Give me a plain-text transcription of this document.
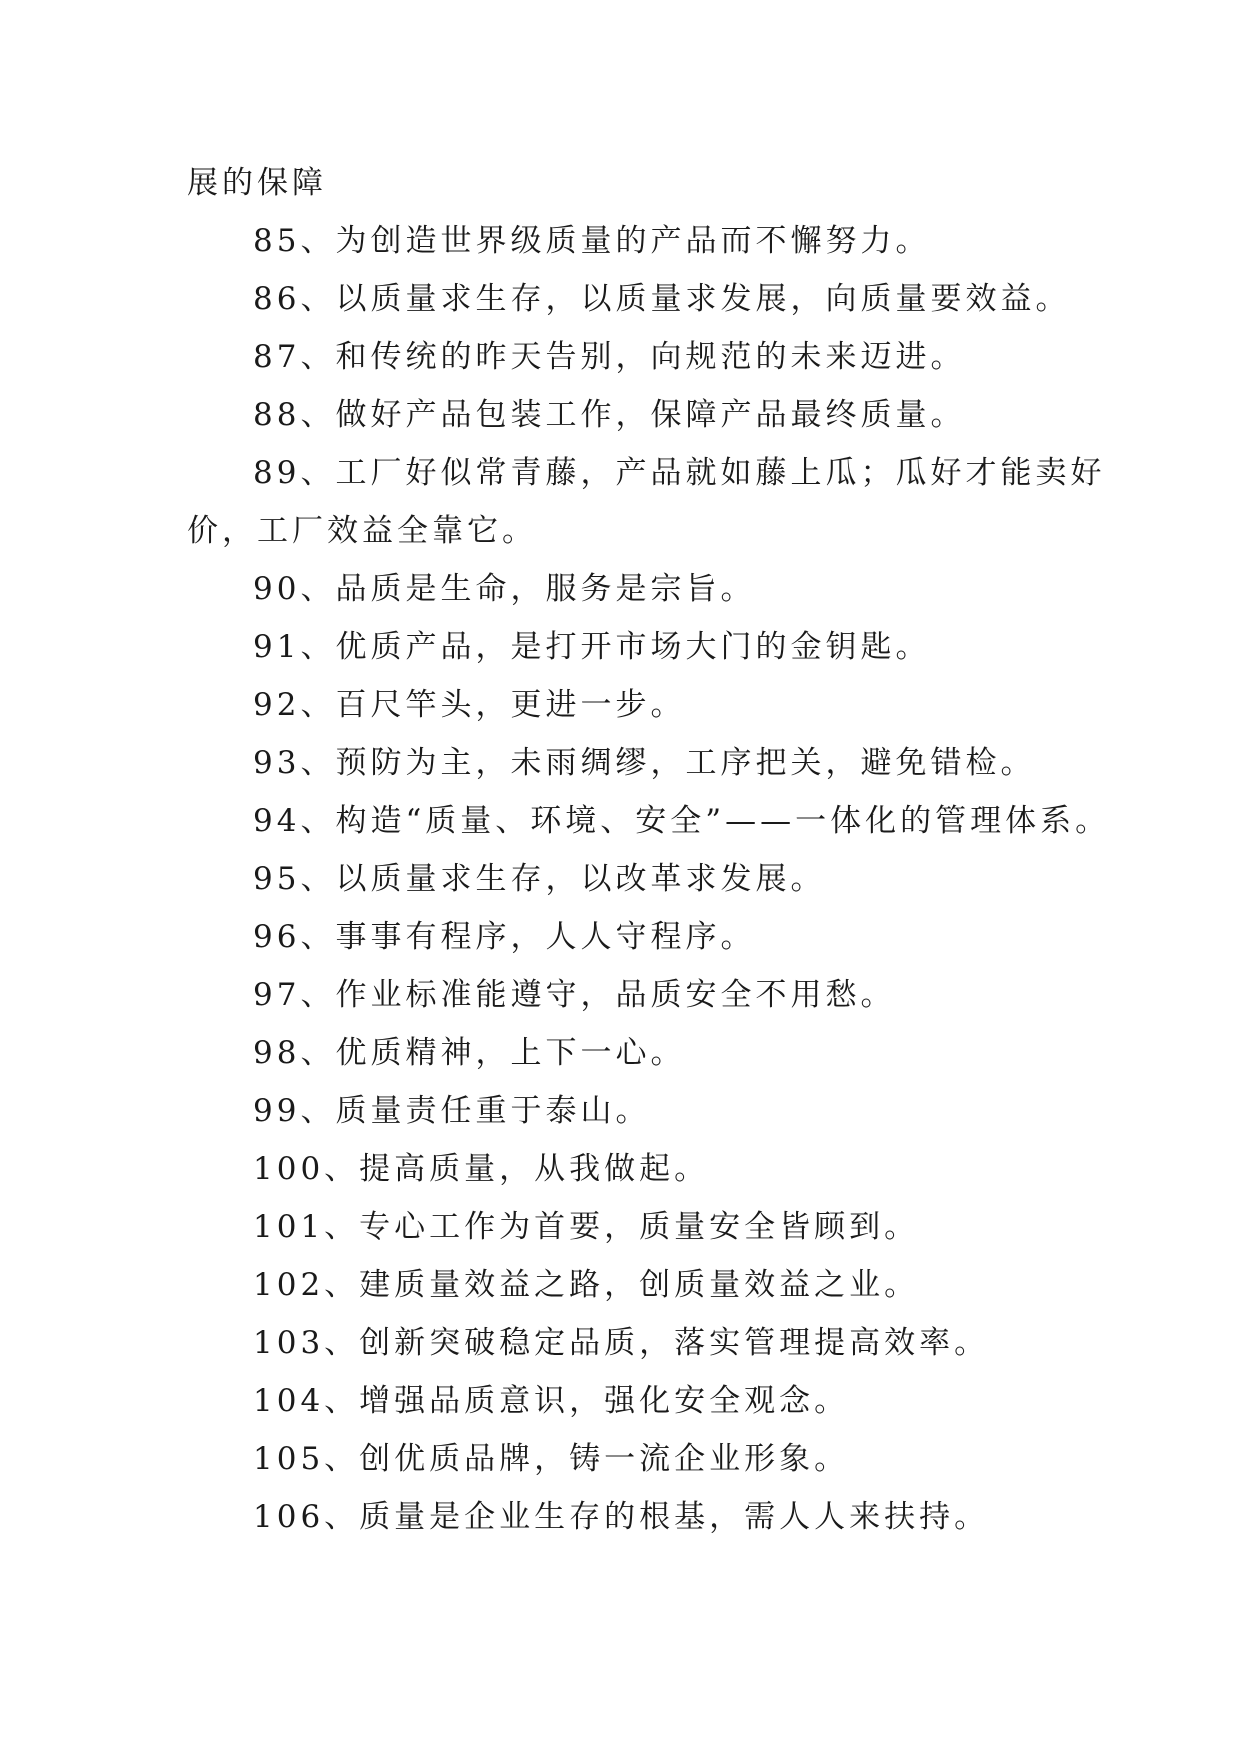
展的保障
85、为创造世界级质量的产品而不懈努力。
86、以质量求生存，以质量求发展，向质量要效益。
87、和传统的昨天告别，向规范的未来迈进。
88、做好产品包装工作，保障产品最终质量。
89、工厂好似常青藤，产品就如藤上瓜；瓜好才能卖好
价，工厂效益全靠它。
90、品质是生命，服务是宗旨。
91、优质产品，是打开市场大门的金钥匙。
92、百尺竿头，更进一步。
93、预防为主，未雨绸缪，工序把关，避免错检。
94、构造“质量、环境、安全”——一体化的管理体系。
95、以质量求生存，以改革求发展。
96、事事有程序，人人守程序。
97、作业标准能遵守，品质安全不用愁。
98、优质精神，上下一心。
99、质量责任重于泰山。
100、提高质量，从我做起。
101、专心工作为首要，质量安全皆顾到。
102、建质量效益之路，创质量效益之业。
103、创新突破稳定品质，落实管理提高效率。
104、增强品质意识，强化安全观念。
105、创优质品牌，铸一流企业形象。
106、质量是企业生存的根基，需人人来扶持。
